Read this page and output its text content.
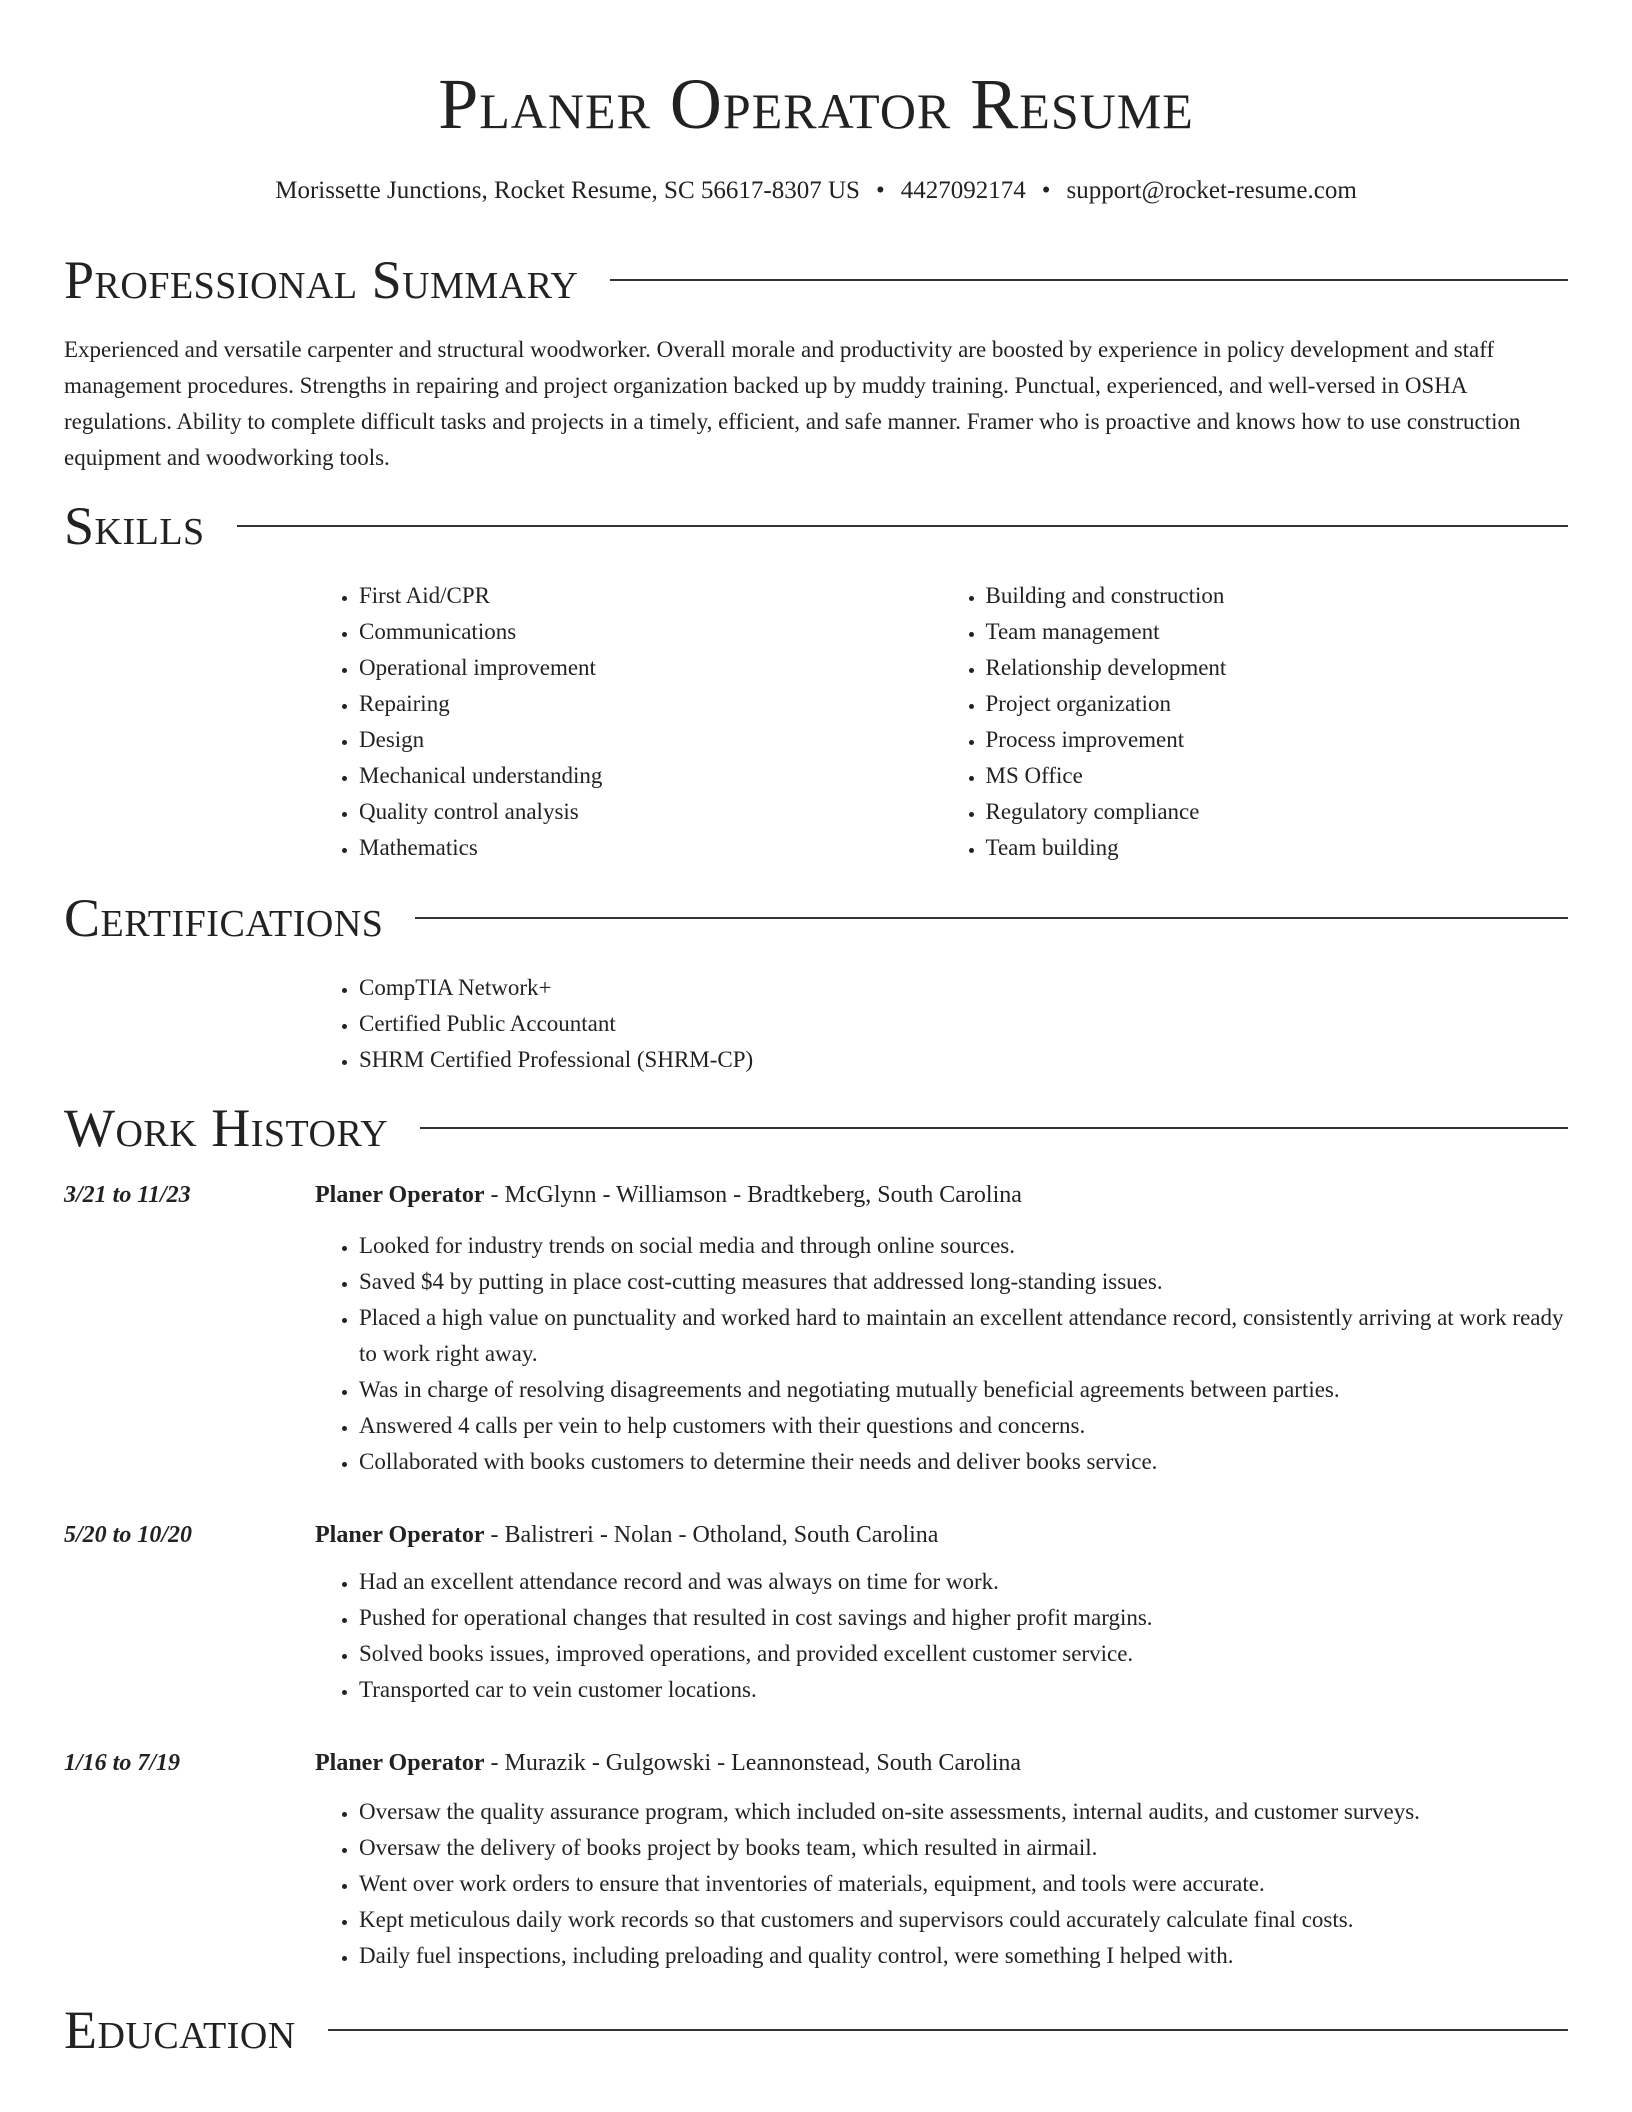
Planer Operator Resume
Morissette Junctions, Rocket Resume, SC 56617-8307 US • 4427092174 • support@rocket-resume.com
Professional Summary

Experienced and versatile carpenter and structural woodworker. Overall morale and productivity are boosted by experience in policy development and staff management procedures. Strengths in repairing and project organization backed up by muddy training. Punctual, experienced, and well-versed in OSHA regulations. Ability to complete difficult tasks and projects in a timely, efficient, and safe manner. Framer who is proactive and knows how to use construction equipment and woodworking tools.

Skills
• First Aid/CPR
• Communications
• Operational improvement
• Repairing
• Design
• Mechanical understanding
• Quality control analysis
• Mathematics
• Building and construction
• Team management
• Relationship development
• Project organization
• Process improvement
• MS Office
• Regulatory compliance
• Team building
Certifications
• CompTIA Network+
• Certified Public Accountant
• SHRM Certified Professional (SHRM-CP)
Work History
3/21 to 11/23	Planer Operator - McGlynn - Williamson - Bradtkeberg, South Carolina

• Looked for industry trends on social media and through online sources.
• Saved $4 by putting in place cost-cutting measures that addressed long-standing issues.
• Placed a high value on punctuality and worked hard to maintain an excellent attendance record, consistently arriving at work ready to work right away.
• Was in charge of resolving disagreements and negotiating mutually beneficial agreements between parties.
• Answered 4 calls per vein to help customers with their questions and concerns.
• Collaborated with books customers to determine their needs and deliver books service.
5/20 to 10/20	Planer Operator - Balistreri - Nolan - Otholand, South Carolina

• Had an excellent attendance record and was always on time for work.
• Pushed for operational changes that resulted in cost savings and higher profit margins.
• Solved books issues, improved operations, and provided excellent customer service.
• Transported car to vein customer locations.
1/16 to 7/19	Planer Operator - Murazik - Gulgowski - Leannonstead, South Carolina

• Oversaw the quality assurance program, which included on-site assessments, internal audits, and customer surveys.
• Oversaw the delivery of books project by books team, which resulted in airmail.
• Went over work orders to ensure that inventories of materials, equipment, and tools were accurate.
• Kept meticulous daily work records so that customers and supervisors could accurately calculate final costs.
• Daily fuel inspections, including preloading and quality control, were something I helped with.
Education
